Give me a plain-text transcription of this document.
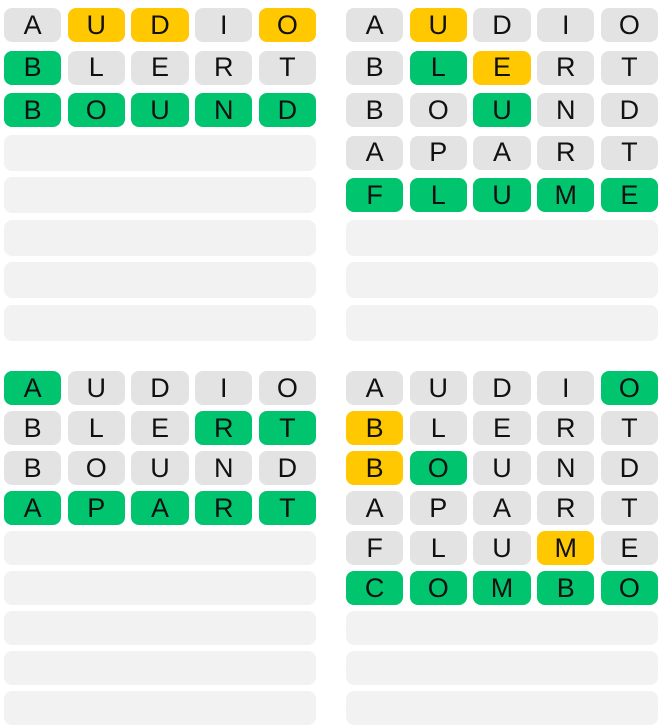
A	U	D	I	O
B	L	E	R	T
B	O	U	N	D
A	U	D	I	O
B	L	E	R	T
B	O	U	N	D
A	P	A	R	T
F	L	U	M	E
A	U	D	I	O
B	L	E	R	T
B	O	U	N	D
A	P	A	R	T
A	U	D	I	O
B	L	E	R	T
B	O	U	N	D
A	P	A	R	T
F	L	U	M	E
C	O	M	B	O
